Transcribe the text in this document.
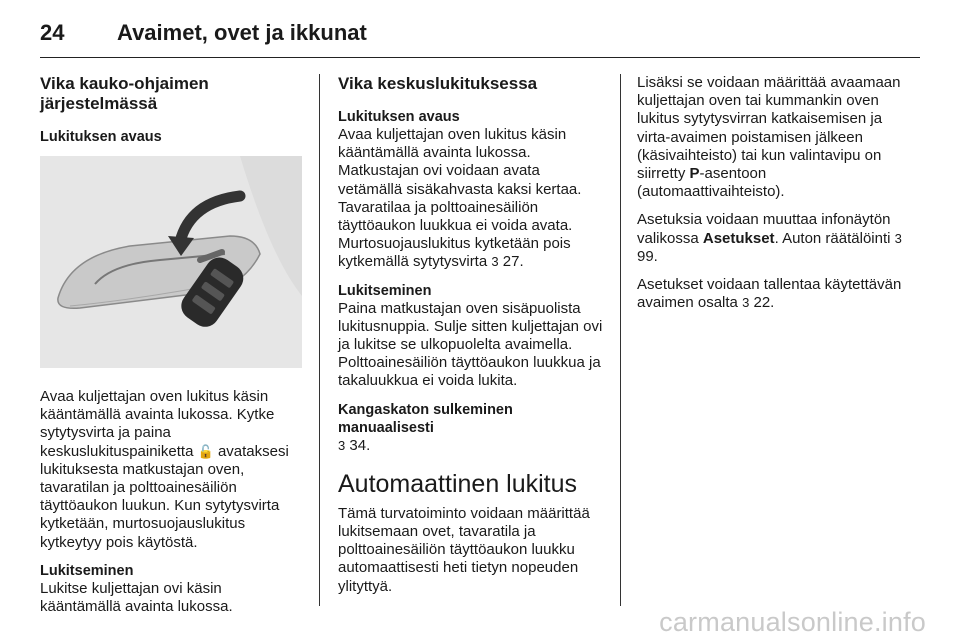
24 Avaimet, ovet ja ikkunat
Vika kauko-ohjaimen järjestelmässä
Lukituksen avaus

Avaa kuljettajan oven lukitus käsin kääntämällä avainta lukossa. Kytke sytytysvirta ja paina keskuslukituspainiketta 🔓 avataksesi lukituksesta matkustajan oven, tavaratilan ja polttoainesäiliön täyttöaukon luukun. Kun sytytysvirta kytketään, murtosuojauslukitus kytkeytyy pois käytöstä.

Lukitseminen

Lukitse kuljettajan ovi käsin kääntämällä avainta lukossa.

Vika keskuslukituksessa
Lukituksen avaus

Avaa kuljettajan oven lukitus käsin kääntämällä avainta lukossa. Matkustajan ovi voidaan avata vetämällä sisäkahvasta kaksi kertaa. Tavaratilaa ja polttoainesäiliön täyttöaukon luukkua ei voida avata. Murtosuojauslukitus kytketään pois kytkemällä sytytysvirta 3 27.

Lukitseminen

Paina matkustajan oven sisäpuolista lukitusnuppia. Sulje sitten kuljettajan ovi ja lukitse se ulkopuolelta avaimella. Polttoainesäiliön täyttöaukon luukkua ja takaluukkua ei voida lukita.

Kangaskaton sulkeminen manuaalisesti

3 34.

Automaattinen lukitus

Tämä turvatoiminto voidaan määrittää lukitsemaan ovet, tavaratila ja polttoainesäiliön täyttöaukon luukku automaattisesti heti tietyn nopeuden ylityttyä.

Lisäksi se voidaan määrittää avaamaan kuljettajan oven tai kummankin oven lukitus sytytysvirran katkaisemisen ja virta-avaimen poistamisen jälkeen (käsivaihteisto) tai kun valintavipu on siirretty P-asentoon (automaattivaihteisto).

Asetuksia voidaan muuttaa infonäytön valikossa Asetukset. Auton räätälöinti 3 99.

Asetukset voidaan tallentaa käytettävän avaimen osalta 3 22.

carmanualsonline.info
